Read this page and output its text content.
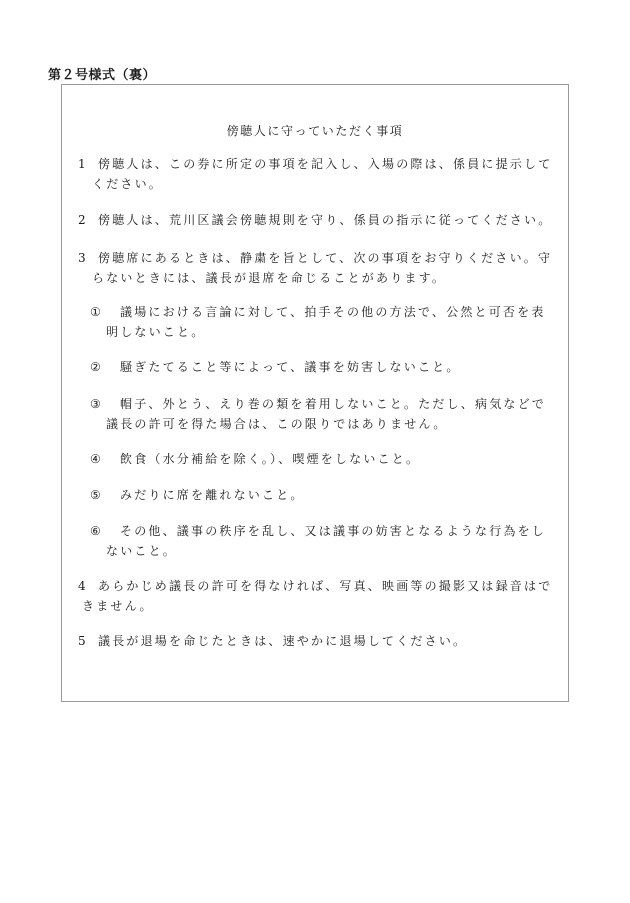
第２号様式（裏）
傍聴人に守っていただく事項
1 傍聴人は、この券に所定の事項を記入し、入場の際は、係員に提示して
ください。
2 傍聴人は、荒川区議会傍聴規則を守り、係員の指示に従ってください。
3 傍聴席にあるときは、静粛を旨として、次の事項をお守りください。守
らないときには、議長が退席を命じることがあります。
① 議場における言論に対して、拍手その他の方法で、公然と可否を表
明しないこと。
② 騒ぎたてること等によって、議事を妨害しないこと。
③ 帽子、外とう、えり巻の類を着用しないこと。ただし、病気などで
議長の許可を得た場合は、この限りではありません。
④ 飲食（水分補給を除く。）、喫煙をしないこと。
⑤ みだりに席を離れないこと。
⑥ その他、議事の秩序を乱し、又は議事の妨害となるような行為をし
ないこと。
4 あらかじめ議長の許可を得なければ、写真、映画等の撮影又は録音はで
きません。
5 議長が退場を命じたときは、速やかに退場してください。
